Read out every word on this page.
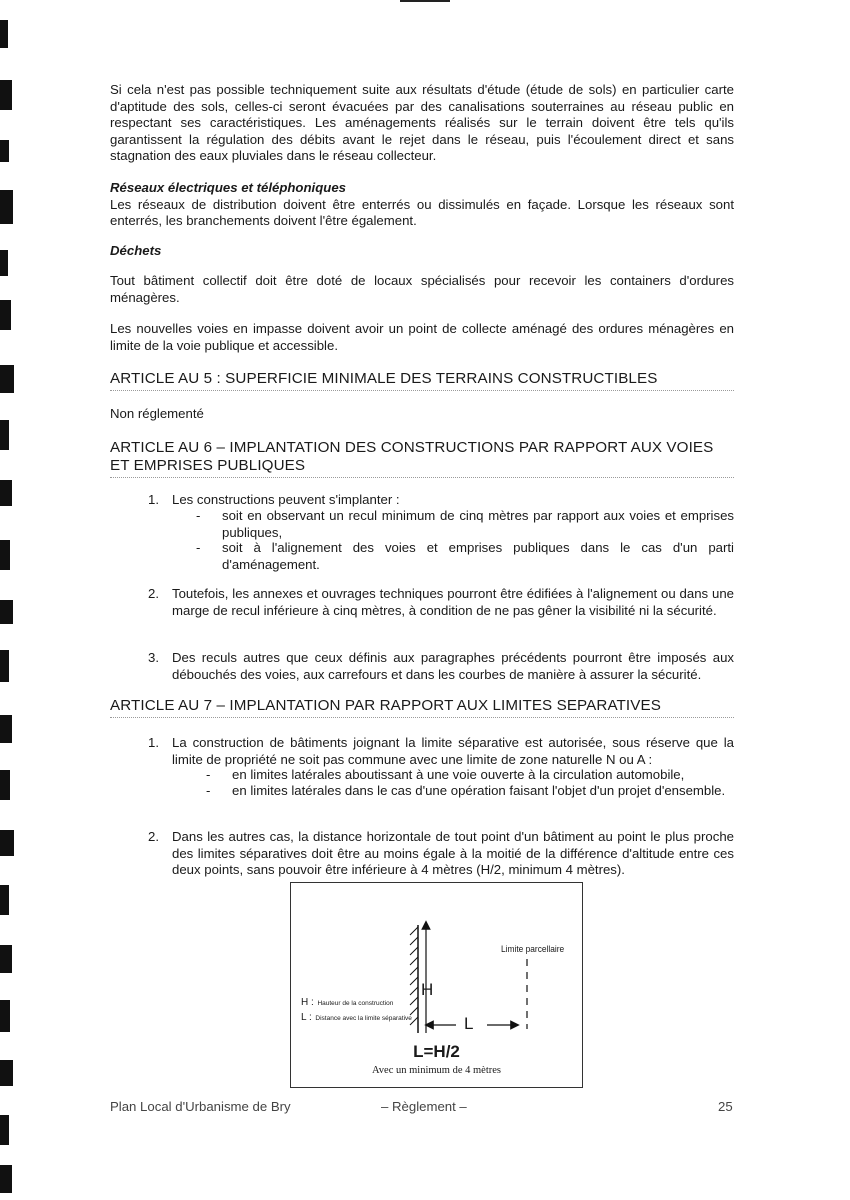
Si cela n'est pas possible techniquement suite aux résultats d'étude (étude de sols) en particulier carte d'aptitude des sols, celles-ci seront évacuées par des canalisations souterraines au réseau public en respectant ses caractéristiques. Les aménagements réalisés sur le terrain doivent être tels qu'ils garantissent la régulation des débits avant le rejet dans le réseau, puis l'écoulement direct et sans stagnation des eaux pluviales dans le réseau collecteur.

Réseaux électriques et téléphoniques

Les réseaux de distribution doivent être enterrés ou dissimulés en façade. Lorsque les réseaux sont enterrés, les branchements doivent l'être également.

Déchets

Tout bâtiment collectif doit être doté de locaux spécialisés pour recevoir les containers d'ordures ménagères.

Les nouvelles voies en impasse doivent avoir un point de collecte aménagé des ordures ménagères en limite de la voie publique et accessible.

ARTICLE AU 5 : SUPERFICIE MINIMALE DES TERRAINS CONSTRUCTIBLES

Non réglementé

ARTICLE AU 6 – IMPLANTATION DES CONSTRUCTIONS PAR RAPPORT AUX VOIES
ET EMPRISES PUBLIQUES
1. Les constructions peuvent s'implanter :

- soit en observant un recul minimum de cinq mètres par rapport aux voies et emprises publiques,

- soit à l'alignement des voies et emprises publiques dans le cas d'un parti d'aménagement.

2. Toutefois, les annexes et ouvrages techniques pourront être édifiées à l'alignement ou dans une marge de recul inférieure à cinq mètres, à condition de ne pas gêner la visibilité ni la sécurité.

3. Des reculs autres que ceux définis aux paragraphes précédents pourront être imposés aux débouchés des voies, aux carrefours et dans les courbes de manière à assurer la sécurité.

ARTICLE AU 7 – IMPLANTATION PAR RAPPORT AUX LIMITES SEPARATIVES
1. La construction de bâtiments joignant la limite séparative est autorisée, sous réserve que la limite de propriété ne soit pas commune avec une limite de zone naturelle N ou A :

- en limites latérales aboutissant à une voie ouverte à la circulation automobile,

- en limites latérales dans le cas d'une opération faisant l'objet d'un projet d'ensemble.

2. Dans les autres cas, la distance horizontale de tout point d'un bâtiment au point le plus proche des limites séparatives doit être au moins égale à la moitié de la différence d'altitude entre ces deux points, sans pouvoir être inférieure à 4 mètres (H/2, minimum 4 mètres).

Limite parcellaire
H
L
H : Hauteur de la construction
L : Distance avec la limite séparative
L=H/2
Avec un minimum de 4 mètres
Plan Local d'Urbanisme de Bry	– Règlement –	25
